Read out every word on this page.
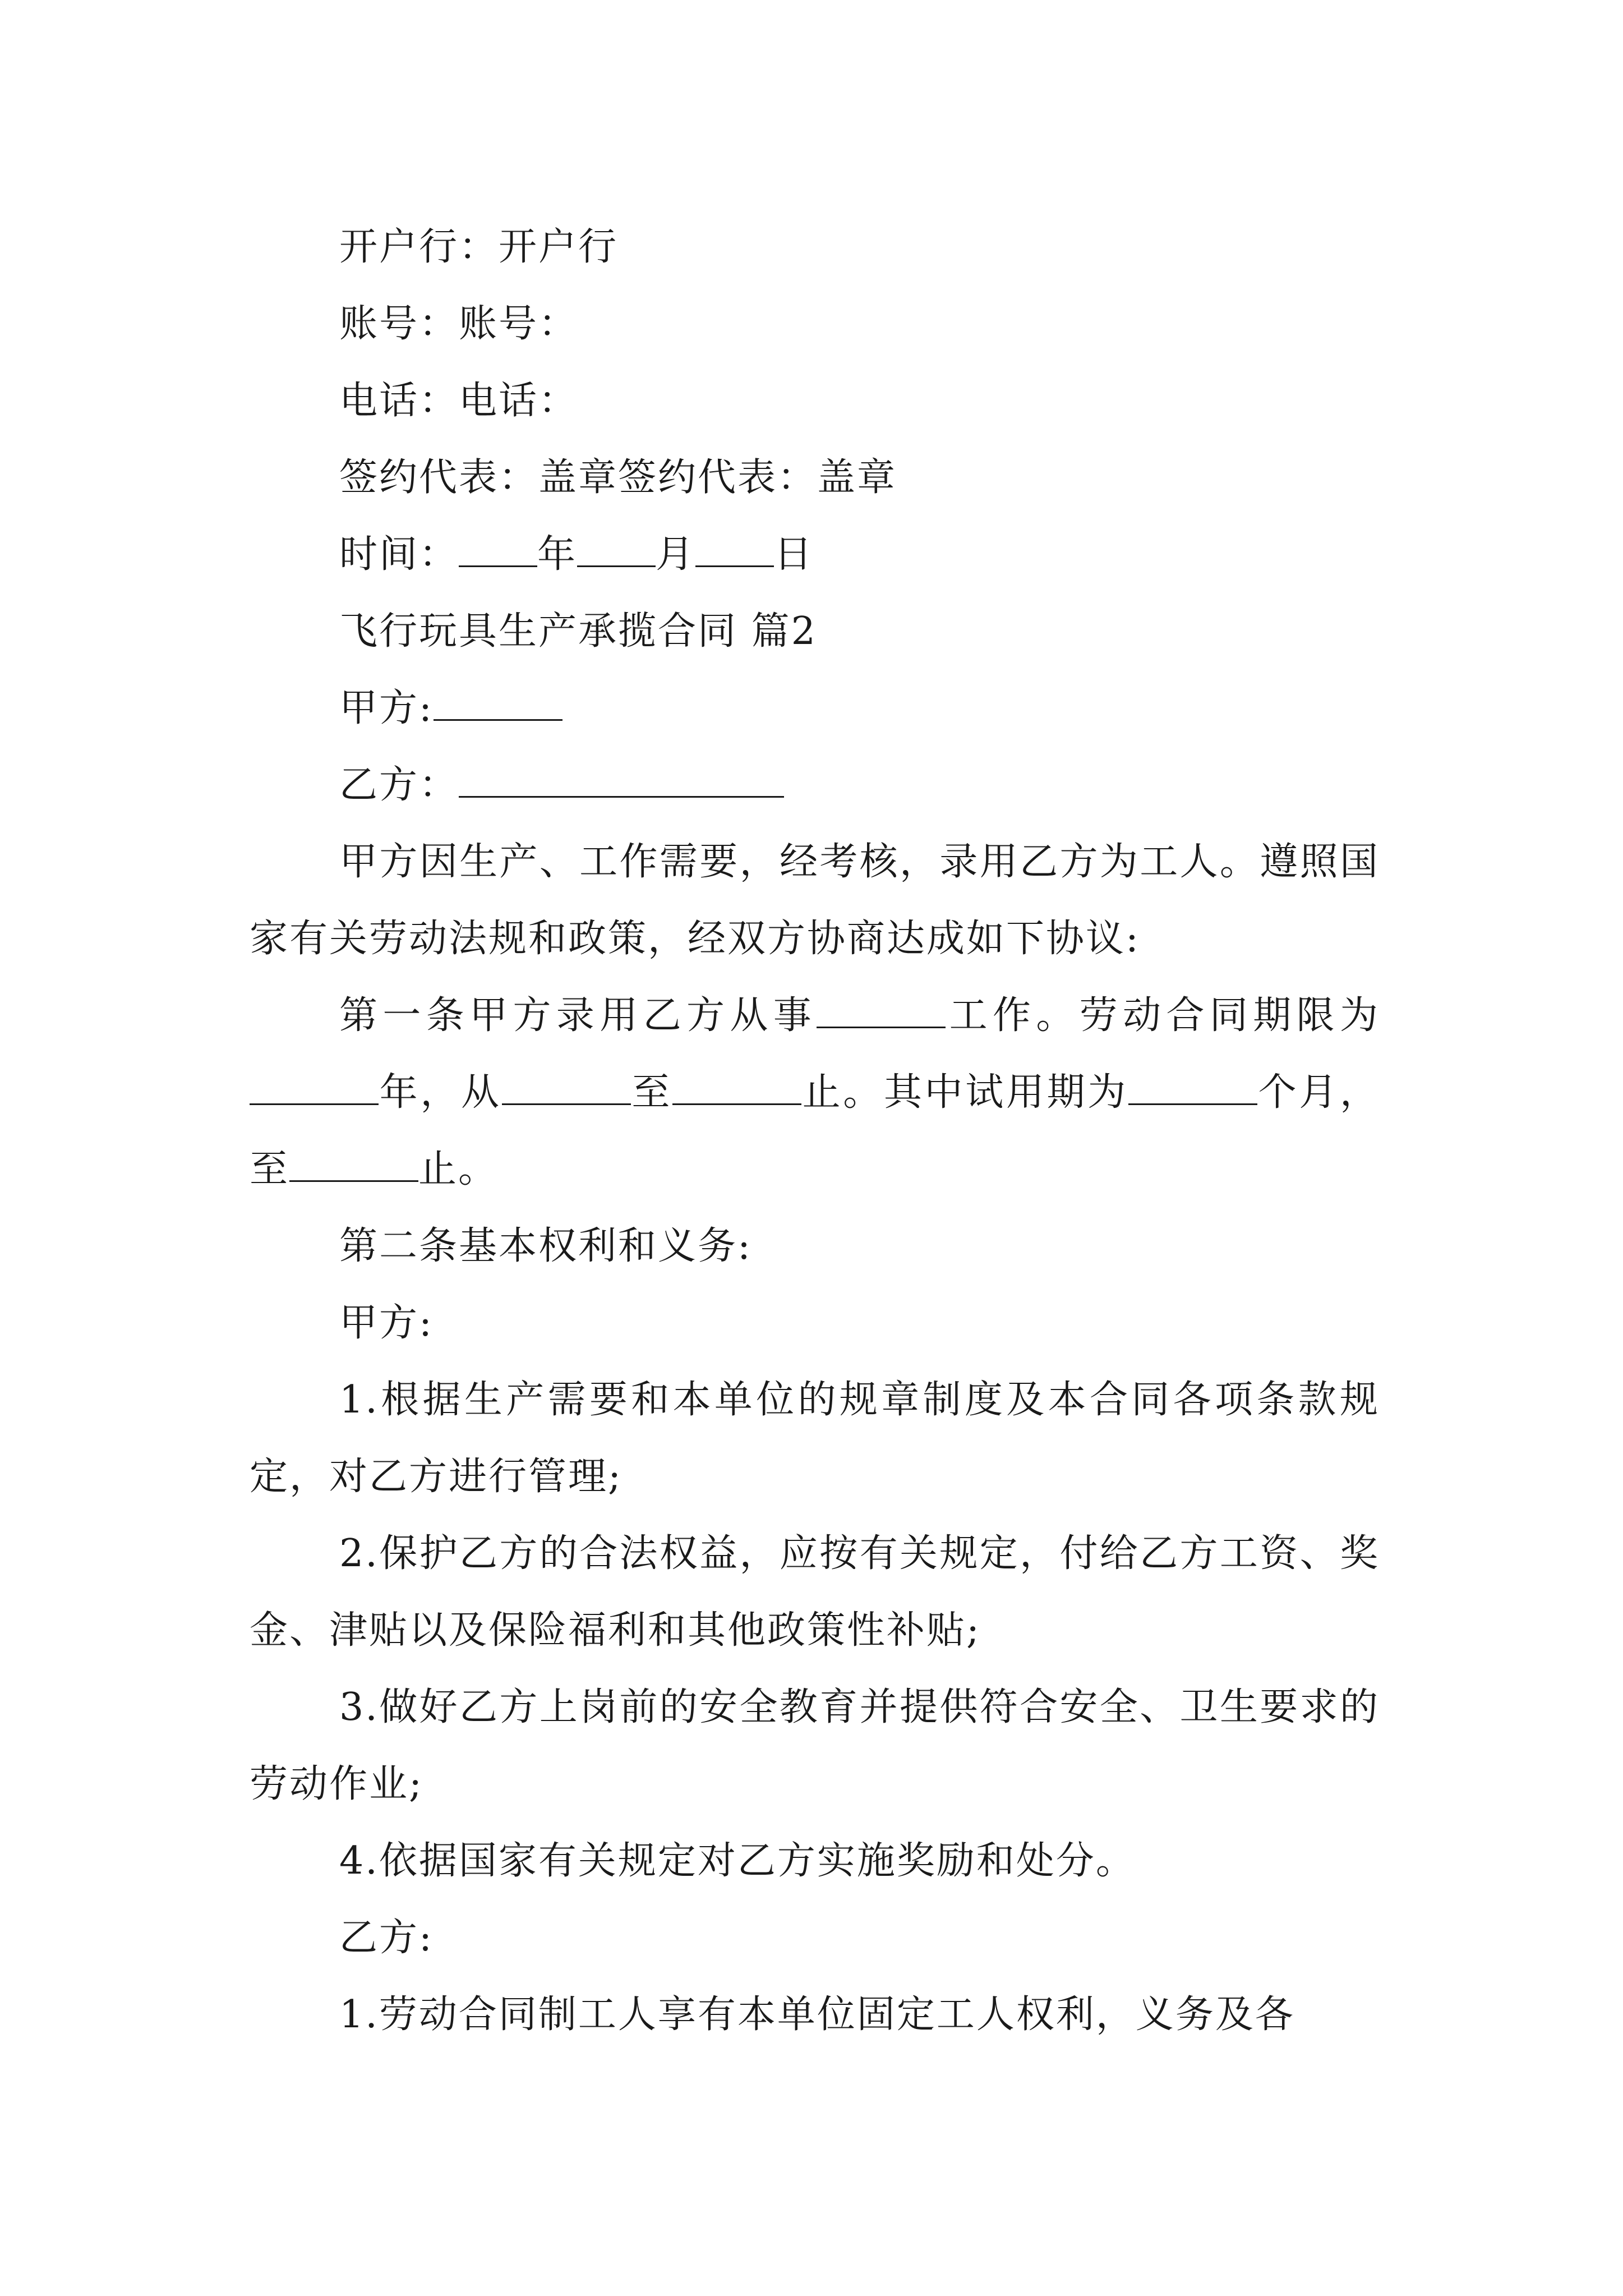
开户行：开户行
账号：账号：
电话：电话：
签约代表：盖章签约代表：盖章
时间： 年 月 日
飞行玩具生产承揽合同 篇2
甲方:
乙方：
甲方因生产、工作需要，经考核，录用乙方为工人。遵照国家有关劳动法规和政策，经双方协商达成如下协议:
第一条甲方录用乙方从事	工作。劳动合同期限为年，从	至	止。其中试用期为	个月，至	止。
第二条基本权利和义务:
甲方:
1.根据生产需要和本单位的规章制度及本合同各项条款规定，对乙方进行管理;
2.保护乙方的合法权益，应按有关规定，付给乙方工资、奖金、津贴以及保险福利和其他政策性补贴;
3.做好乙方上岗前的安全教育并提供符合安全、卫生要求的劳动作业;
4.依据国家有关规定对乙方实施奖励和处分。
乙方:
1.劳动合同制工人享有本单位固定工人权利，义务及各
